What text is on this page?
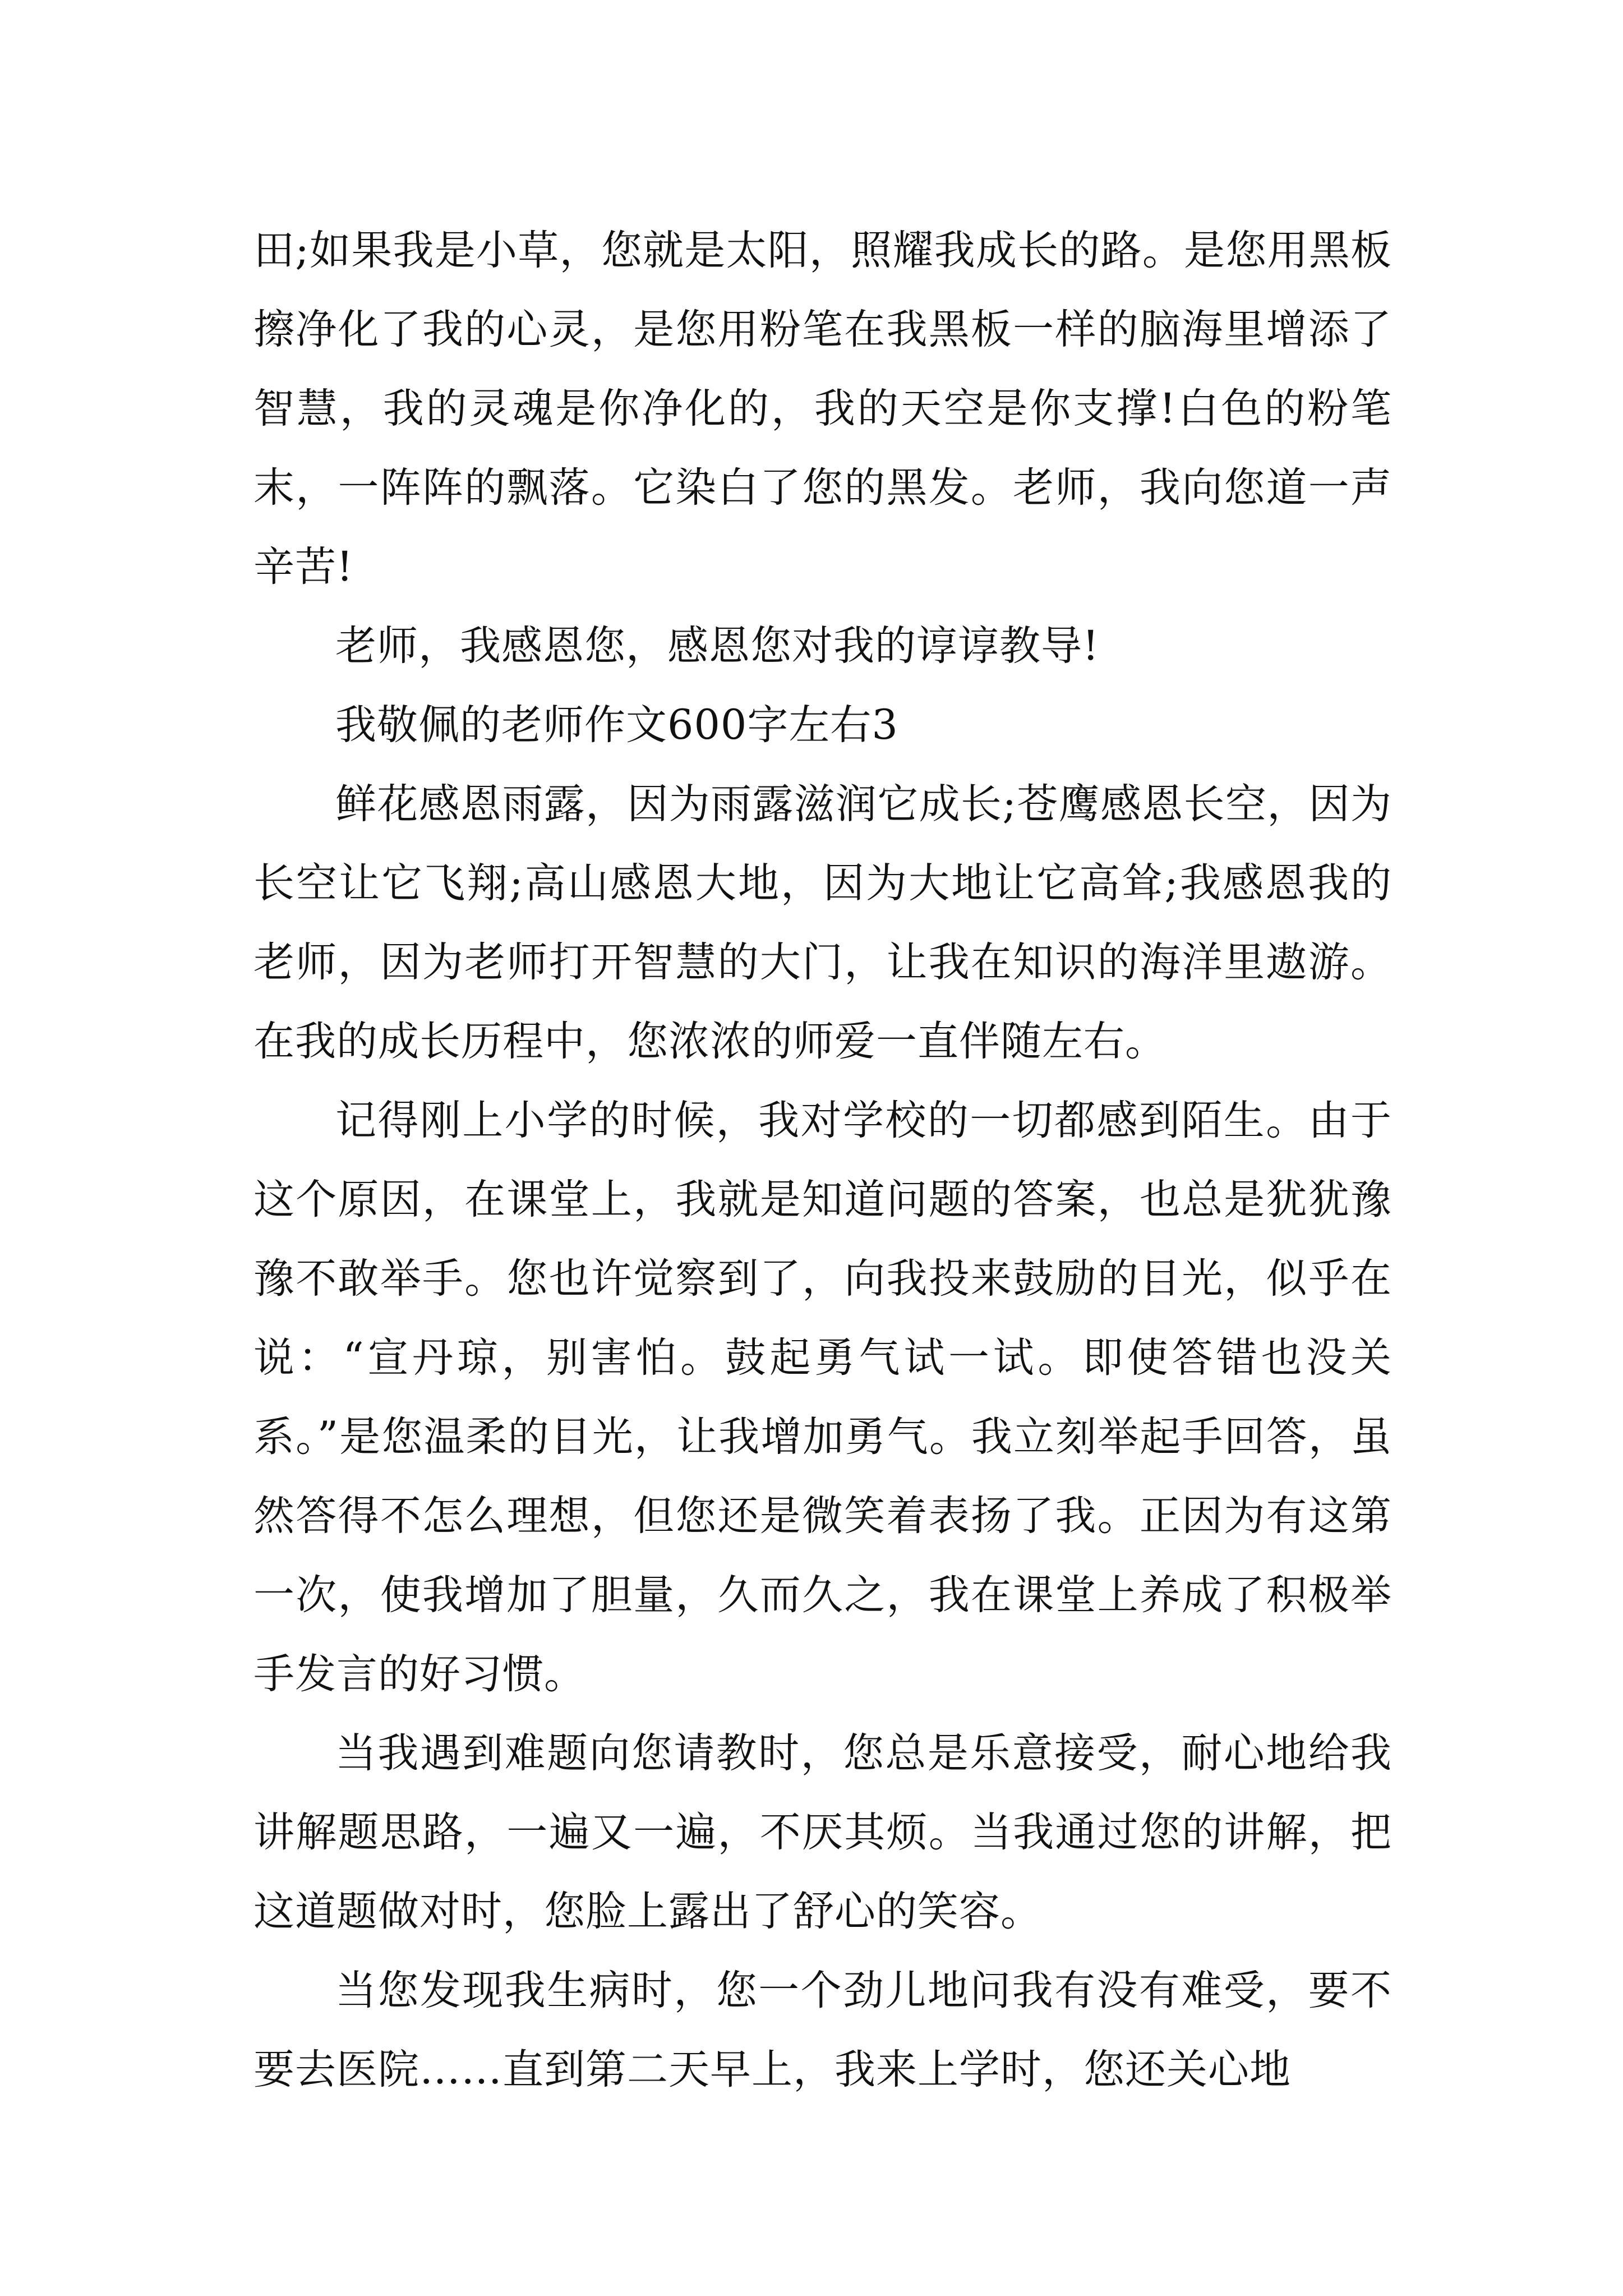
田;如果我是小草，您就是太阳，照耀我成长的路。是您用黑板擦净化了我的心灵，是您用粉笔在我黑板一样的脑海里增添了智慧，我的灵魂是你净化的，我的天空是你支撑!白色的粉笔末，一阵阵的飘落。它染白了您的黑发。老师，我向您道一声辛苦!

老师，我感恩您，感恩您对我的谆谆教导!

我敬佩的老师作文600字左右3

鲜花感恩雨露，因为雨露滋润它成长;苍鹰感恩长空，因为长空让它飞翔;高山感恩大地，因为大地让它高耸;我感恩我的老师，因为老师打开智慧的大门，让我在知识的海洋里遨游。在我的成长历程中，您浓浓的师爱一直伴随左右。

记得刚上小学的时候，我对学校的一切都感到陌生。由于这个原因，在课堂上，我就是知道问题的答案，也总是犹犹豫豫不敢举手。您也许觉察到了，向我投来鼓励的目光，似乎在说：“宣丹琼，别害怕。鼓起勇气试一试。即使答错也没关系。”是您温柔的目光，让我增加勇气。我立刻举起手回答，虽然答得不怎么理想，但您还是微笑着表扬了我。正因为有这第一次，使我增加了胆量，久而久之，我在课堂上养成了积极举手发言的好习惯。

当我遇到难题向您请教时，您总是乐意接受，耐心地给我讲解题思路，一遍又一遍，不厌其烦。当我通过您的讲解，把这道题做对时，您脸上露出了舒心的笑容。

当您发现我生病时，您一个劲儿地问我有没有难受，要不要去医院……直到第二天早上，我来上学时，您还关心地
